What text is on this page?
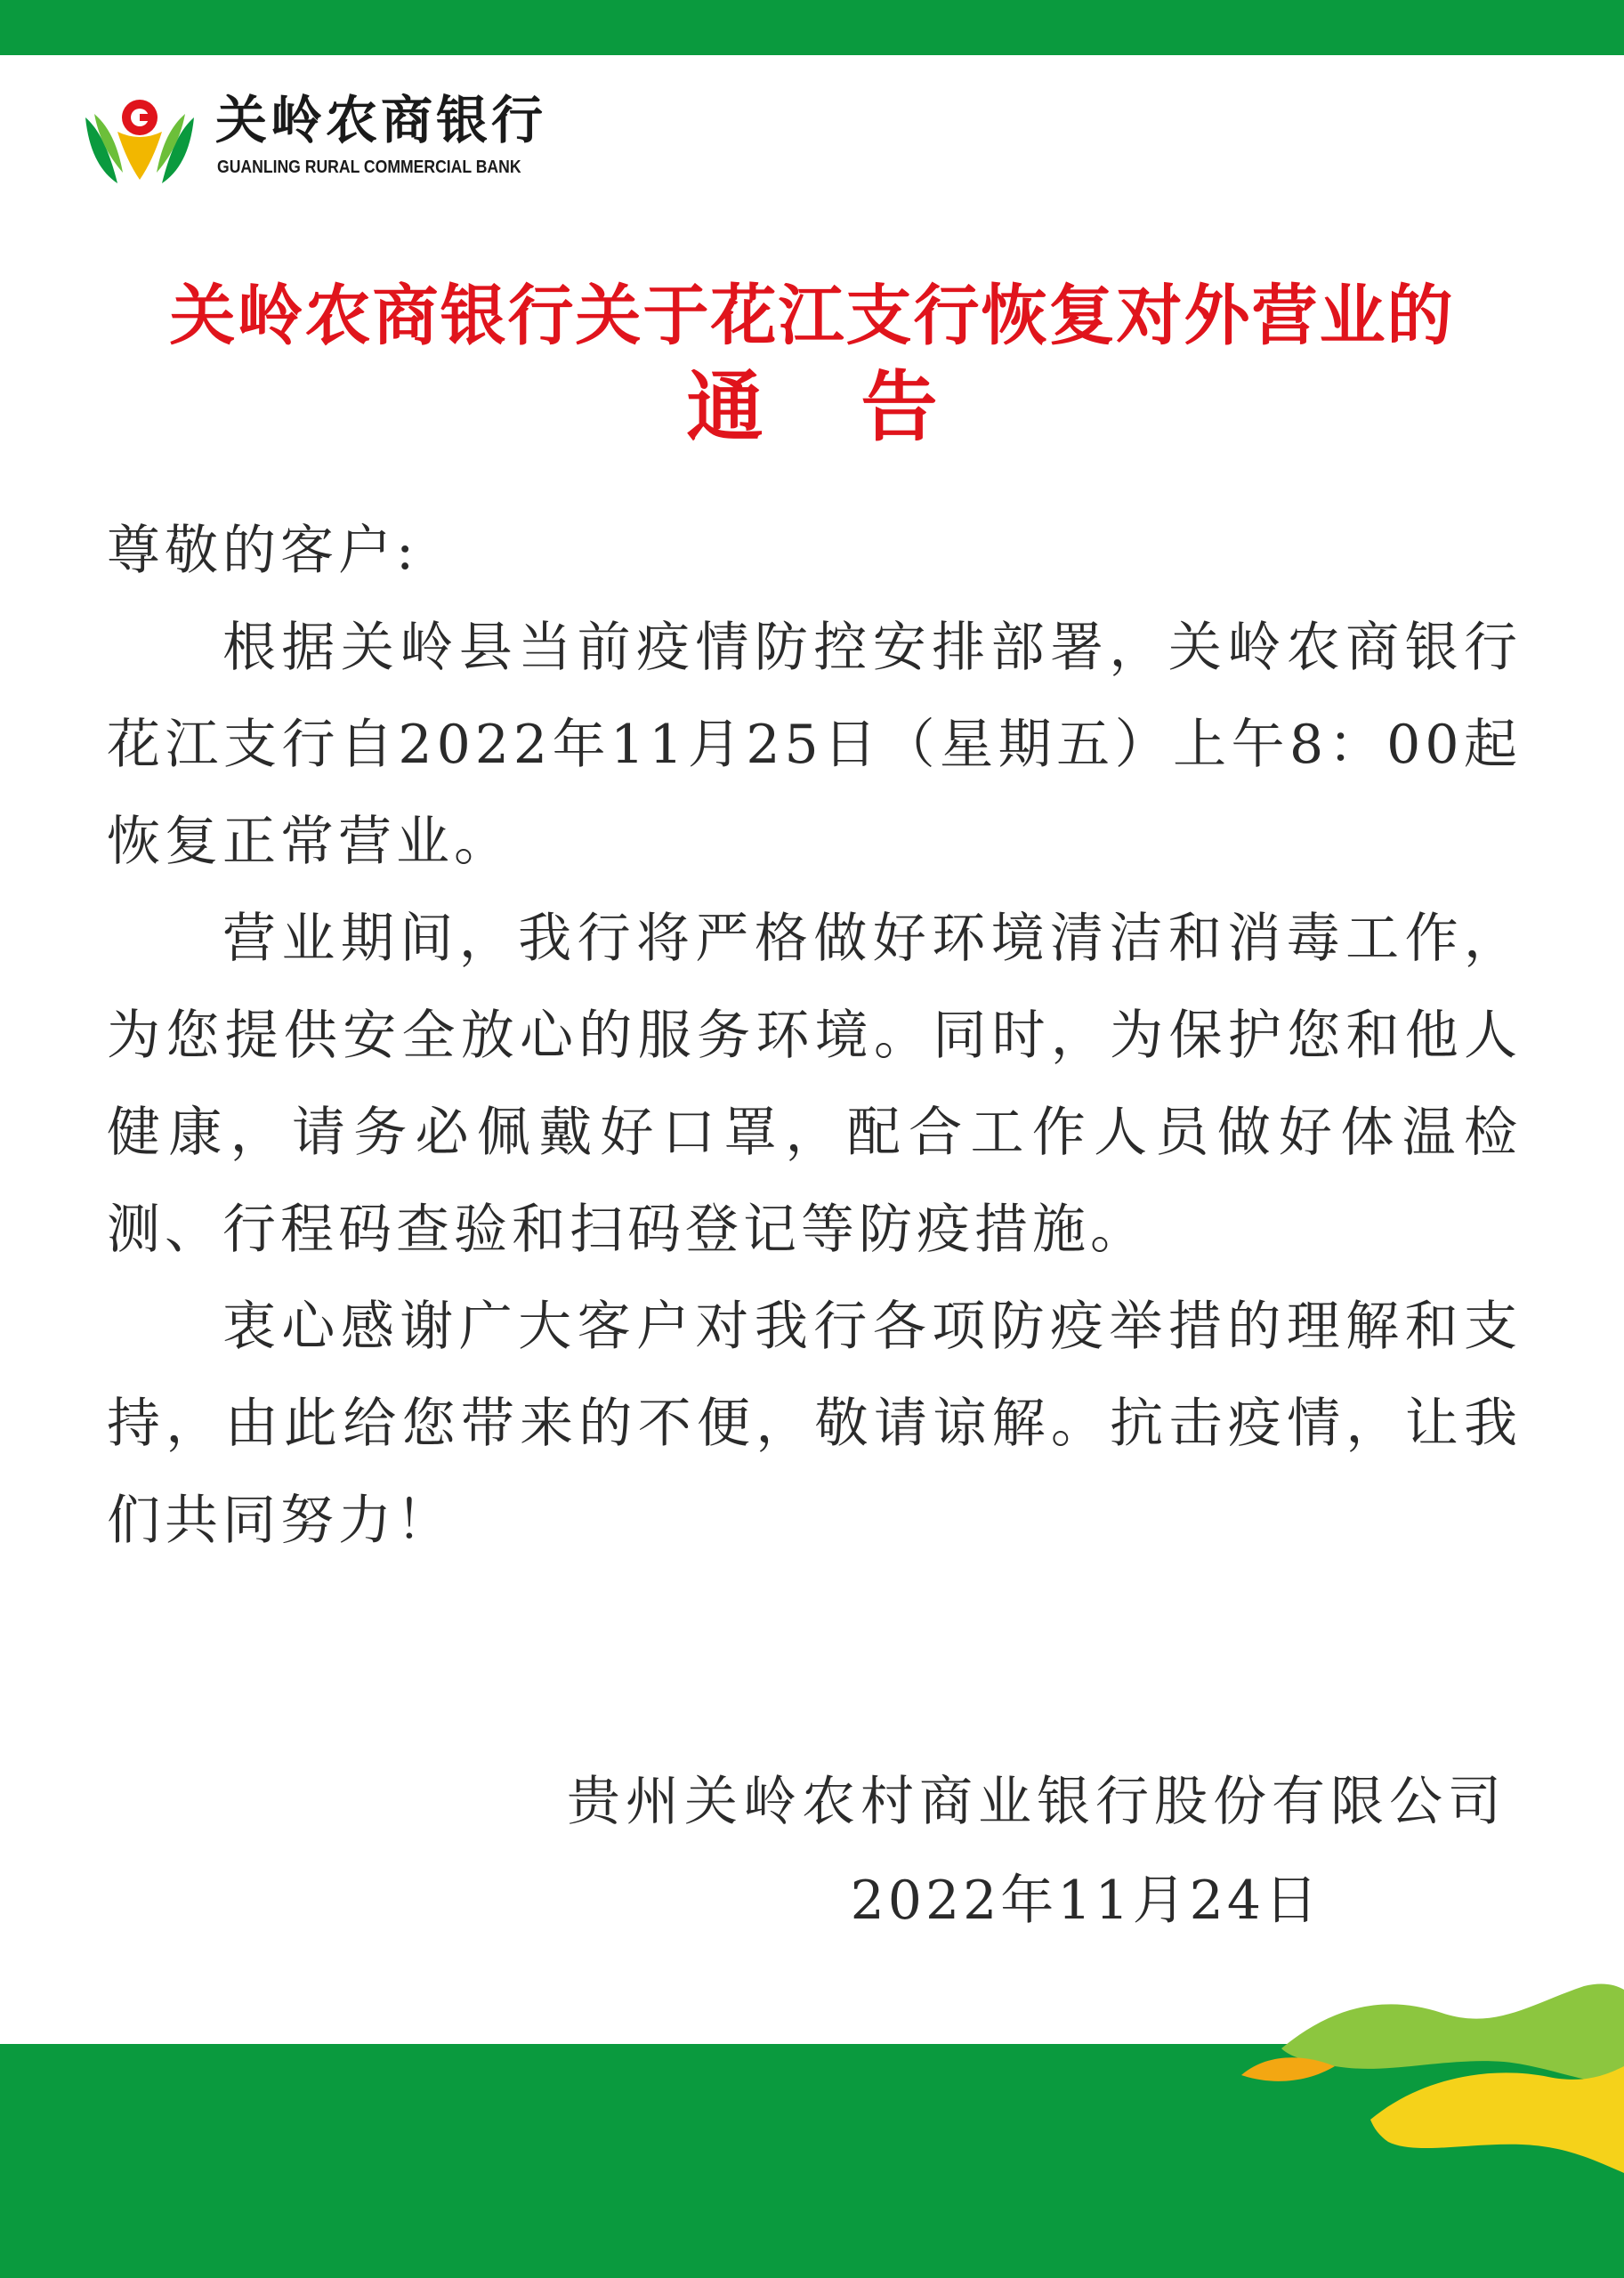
关岭农商银行
GUANLING RURAL COMMERCIAL BANK
关岭农商银行关于花江支行恢复对外营业的
通告

尊敬的客户:

根据关岭县当前疫情防控安排部署，关岭农商银行花江支行自2022年11月25日（星期五）上午8：00起恢复正常营业。

营业期间，我行将严格做好环境清洁和消毒工作，为您提供安全放心的服务环境。同时，为保护您和他人健康，请务必佩戴好口罩，配合工作人员做好体温检测、行程码查验和扫码登记等防疫措施。

衷心感谢广大客户对我行各项防疫举措的理解和支持，由此给您带来的不便，敬请谅解。抗击疫情，让我们共同努力！

贵州关岭农村商业银行股份有限公司
2022年11月24日
